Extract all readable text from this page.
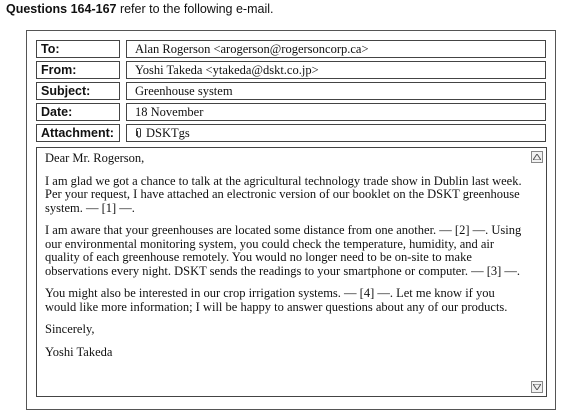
Questions 164-167 refer to the following e-mail.
To:	Alan Rogerson <arogerson@rogersoncorp.ca>
From:	Yoshi Takeda <ytakeda@dskt.co.jp>
Subject:	Greenhouse system
Date:	18 November
Attachment:	DSKTgs

Dear Mr. Rogerson,

I am glad we got a chance to talk at the agricultural technology trade show in Dublin last week. Per your request, I have attached an electronic version of our booklet on the DSKT greenhouse system. — [1] —.

I am aware that your greenhouses are located some distance from one another. — [2] —. Using our environmental monitoring system, you could check the temperature, humidity, and air quality of each greenhouse remotely. You would no longer need to be on-site to make observations every night. DSKT sends the readings to your smartphone or computer. — [3] —.

You might also be interested in our crop irrigation systems. — [4] —. Let me know if you would like more information; I will be happy to answer questions about any of our products.

Sincerely,

Yoshi Takeda
